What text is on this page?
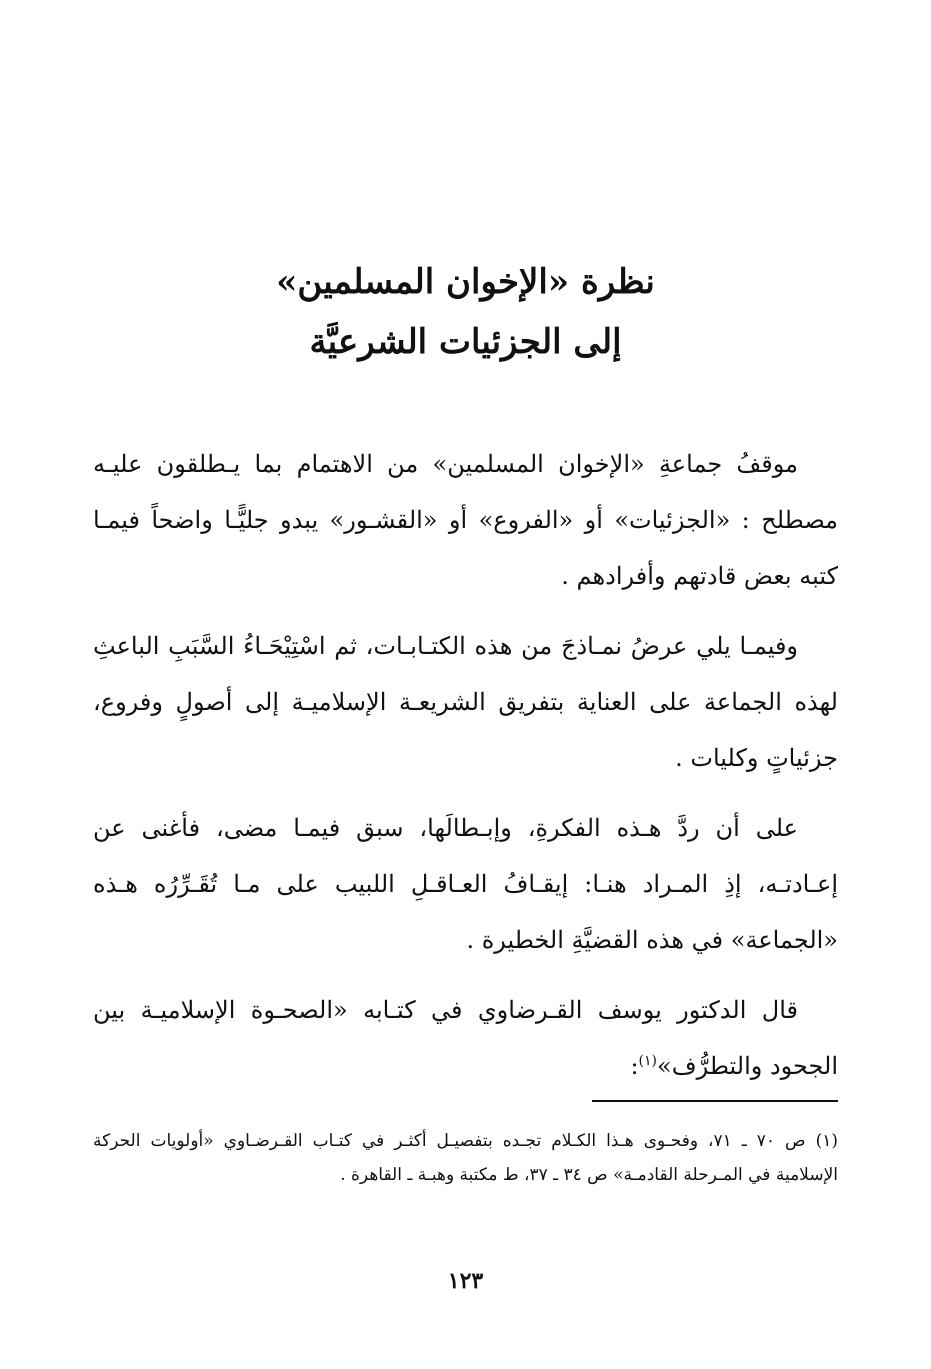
نظرة «الإخوان المسلمين»

إلى الجزئيات الشرعيَّة

موقفُ جماعةِ «الإخوان المسلمين» من الاهتمام بما يـطلقون عليـه مصطلح : «الجزئيات» أو «الفروع» أو «القشـور» يبدو جليًّـا واضحاً فيمـا كتبه بعض قادتهم وأفرادهم .

وفيمـا يلي عرضُ نمـاذجَ من هذه الكتـابـات، ثم اسْتِيْحَـاءُ السَّبَبِ الباعثِ لهذه الجماعة على العناية بتفريق الشريعـة الإسلاميـة إلى أصولٍ وفروع، جزئياتٍ وكليات .

على أن ردَّ هـذه الفكرةِ، وإبـطالَها، سبق فيمـا مضى، فأغنى عن إعـادتـه، إذِ المـراد هنـا: إيقـافُ العـاقـلِ اللبيب على مـا تُقَـرِّرُه هـذه «الجماعة» في هذه القضيَّةِ الخطيرة .

قال الدكتور يوسف القـرضاوي في كتـابه «الصحـوة الإسلاميـة بين الجحود والتطرُّف»$^{(١)}$:

(١)ص ٧٠ ـ ٧١، وفحـوى هـذا الكـلام تجـده بتفصيـل أكثـر في كتـاب القـرضـاوي «أولويات الحركة الإسلامية في المـرحلة القادمـة» ص ٣٤ ـ ٣٧، ط مكتبة وهبـة ـ القاهرة .

١٢٣
